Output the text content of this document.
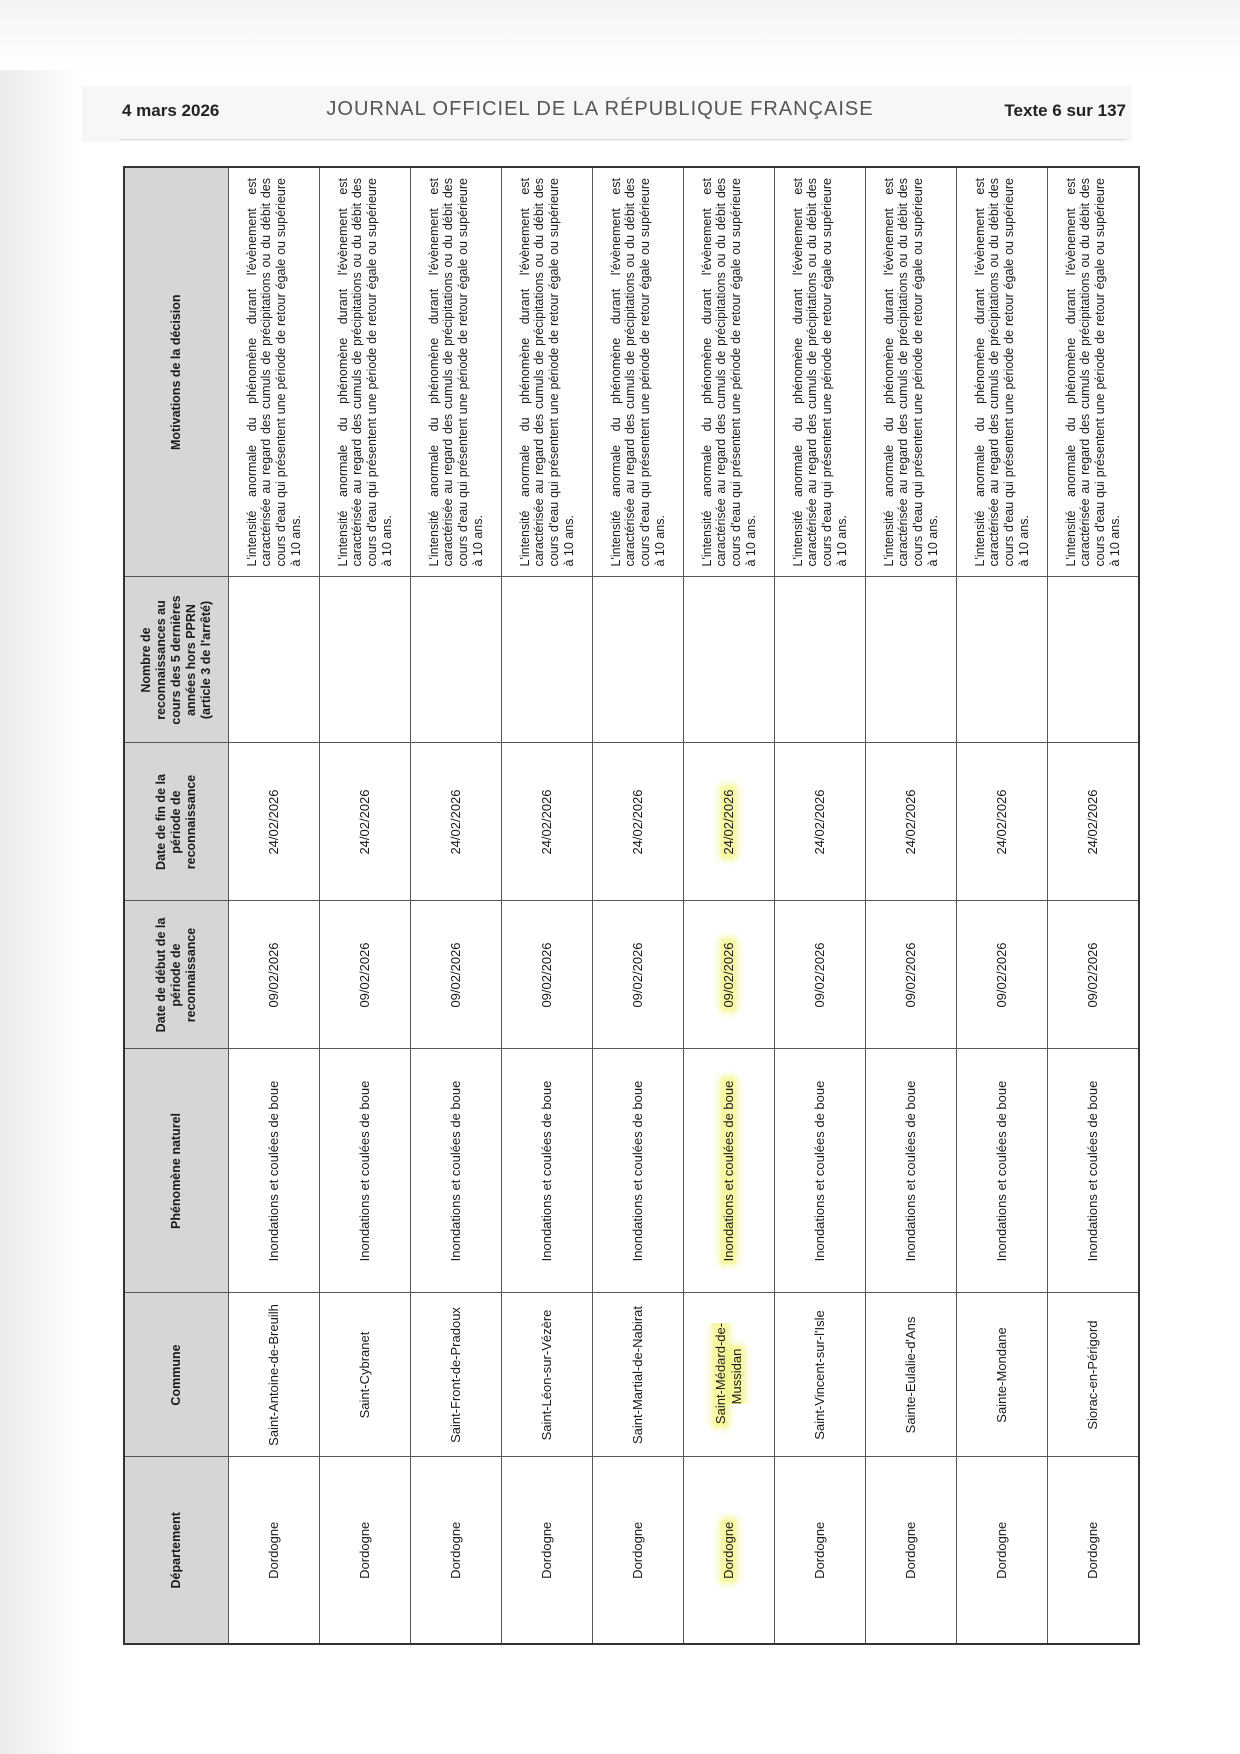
4 mars 2026	JOURNAL OFFICIEL DE LA RÉPUBLIQUE FRANÇAISE	Texte 6 sur 137
Département	Commune	Phénomène naturel	Date de début de la période de reconnaissance	Date de fin de la période de reconnaissance	Nombre de reconnaissances au cours des 5 dernières années hors PPRN (article 3 de l'arrêté)	Motivations de la décision
Dordogne	Saint-Antoine-de-Breuilh	Inondations et coulées de boue	09/02/2026	24/02/2026		L'intensité anormale du phénomène durant l'évènement est caractérisée au regard des cumuls de précipitations ou du débit des cours d'eau qui présentent une période de retour égale ou supérieure à 10 ans.
Dordogne	Saint-Cybranet	Inondations et coulées de boue	09/02/2026	24/02/2026		L'intensité anormale du phénomène durant l'évènement est caractérisée au regard des cumuls de précipitations ou du débit des cours d'eau qui présentent une période de retour égale ou supérieure à 10 ans.
Dordogne	Saint-Front-de-Pradoux	Inondations et coulées de boue	09/02/2026	24/02/2026		L'intensité anormale du phénomène durant l'évènement est caractérisée au regard des cumuls de précipitations ou du débit des cours d'eau qui présentent une période de retour égale ou supérieure à 10 ans.
Dordogne	Saint-Léon-sur-Vézère	Inondations et coulées de boue	09/02/2026	24/02/2026		L'intensité anormale du phénomène durant l'évènement est caractérisée au regard des cumuls de précipitations ou du débit des cours d'eau qui présentent une période de retour égale ou supérieure à 10 ans.
Dordogne	Saint-Martial-de-Nabirat	Inondations et coulées de boue	09/02/2026	24/02/2026		L'intensité anormale du phénomène durant l'évènement est caractérisée au regard des cumuls de précipitations ou du débit des cours d'eau qui présentent une période de retour égale ou supérieure à 10 ans.
Dordogne	Saint-Médard-de-Mussidan	Inondations et coulées de boue	09/02/2026	24/02/2026		L'intensité anormale du phénomène durant l'évènement est caractérisée au regard des cumuls de précipitations ou du débit des cours d'eau qui présentent une période de retour égale ou supérieure à 10 ans.
Dordogne	Saint-Vincent-sur-l'Isle	Inondations et coulées de boue	09/02/2026	24/02/2026		L'intensité anormale du phénomène durant l'évènement est caractérisée au regard des cumuls de précipitations ou du débit des cours d'eau qui présentent une période de retour égale ou supérieure à 10 ans.
Dordogne	Sainte-Eulalie-d'Ans	Inondations et coulées de boue	09/02/2026	24/02/2026		L'intensité anormale du phénomène durant l'évènement est caractérisée au regard des cumuls de précipitations ou du débit des cours d'eau qui présentent une période de retour égale ou supérieure à 10 ans.
Dordogne	Sainte-Mondane	Inondations et coulées de boue	09/02/2026	24/02/2026		L'intensité anormale du phénomène durant l'évènement est caractérisée au regard des cumuls de précipitations ou du débit des cours d'eau qui présentent une période de retour égale ou supérieure à 10 ans.
Dordogne	Siorac-en-Périgord	Inondations et coulées de boue	09/02/2026	24/02/2026		L'intensité anormale du phénomène durant l'évènement est caractérisée au regard des cumuls de précipitations ou du débit des cours d'eau qui présentent une période de retour égale ou supérieure à 10 ans.
